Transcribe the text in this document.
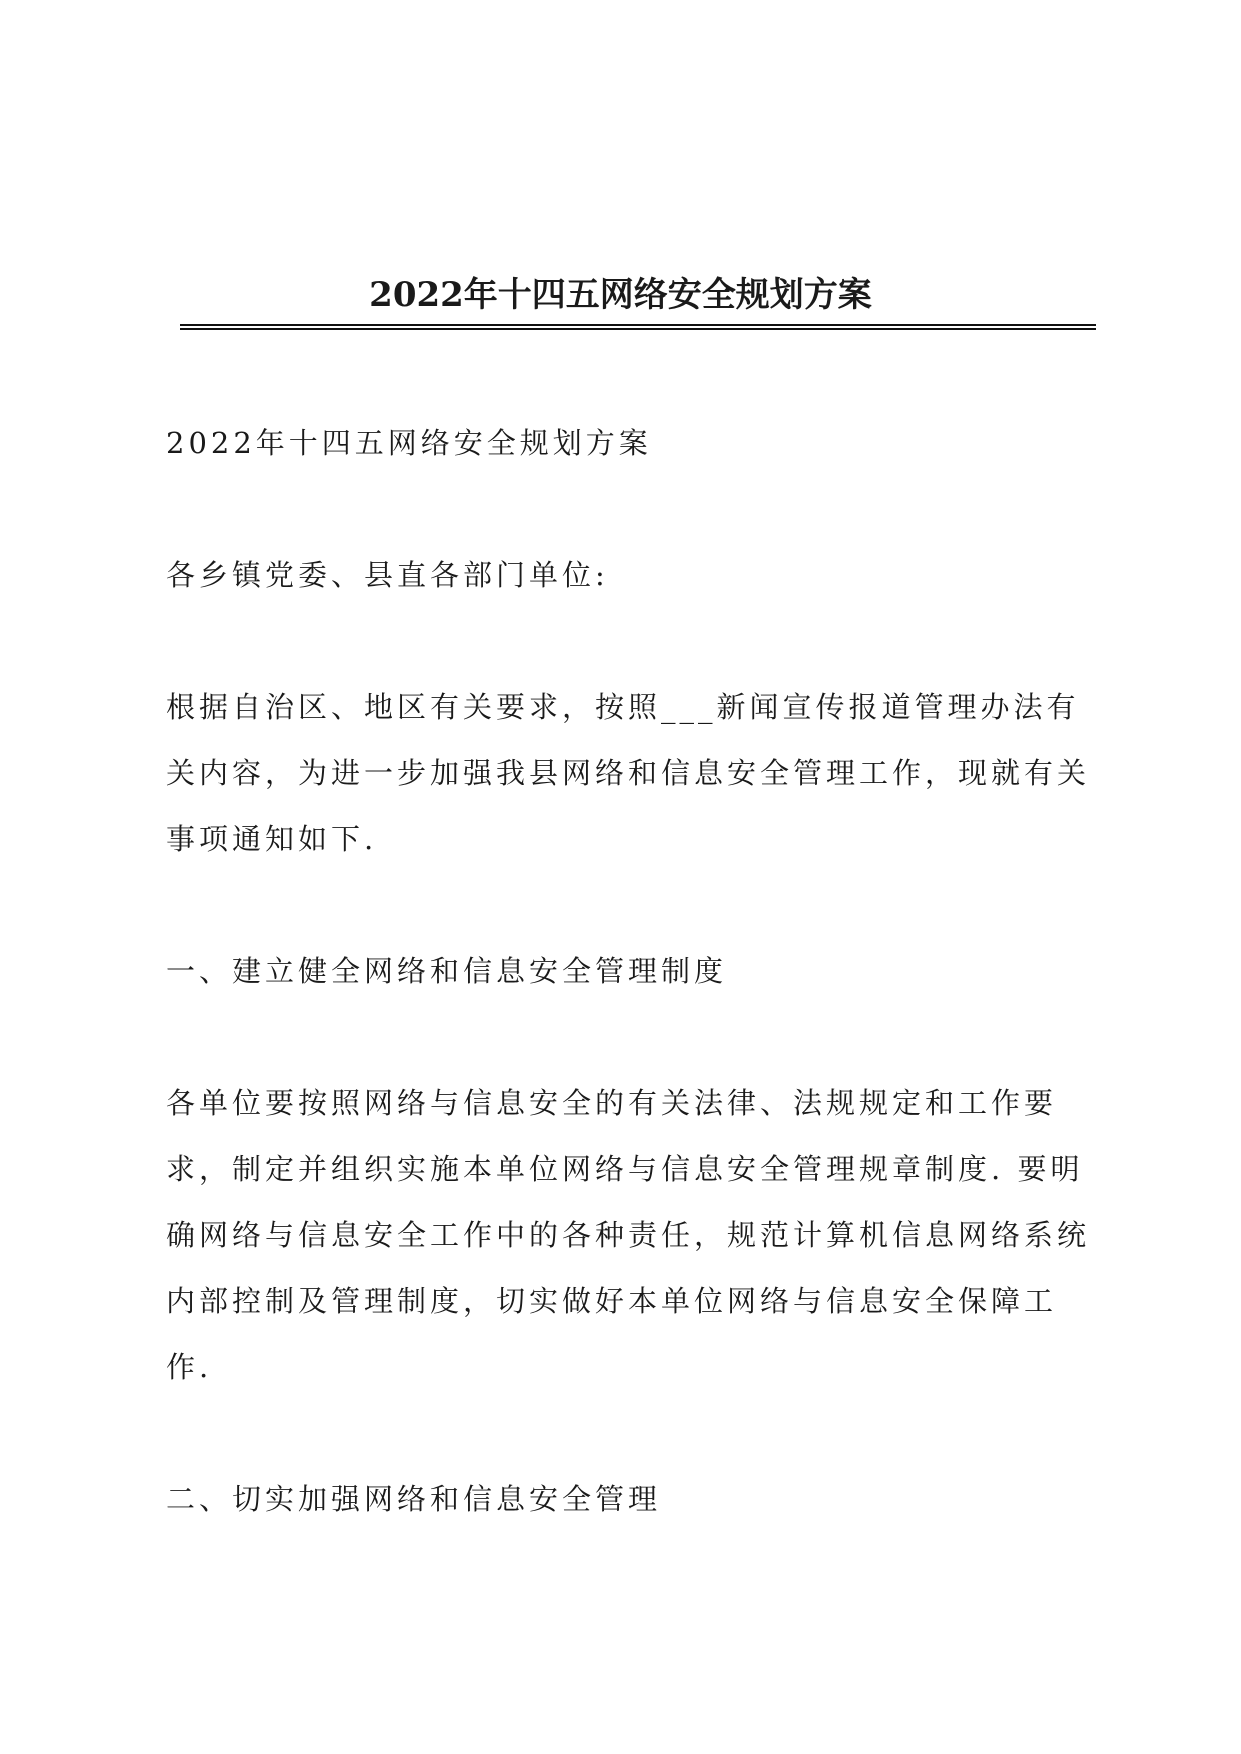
2022年十四五网络安全规划方案

2022年十四五网络安全规划方案

各乡镇党委、县直各部门单位:

根据自治区、地区有关要求，按照___新闻宣传报道管理办法有关内容，为进一步加强我县网络和信息安全管理工作，现就有关事项通知如下.

一、建立健全网络和信息安全管理制度

各单位要按照网络与信息安全的有关法律、法规规定和工作要求，制定并组织实施本单位网络与信息安全管理规章制度. 要明确网络与信息安全工作中的各种责任，规范计算机信息网络系统内部控制及管理制度，切实做好本单位网络与信息安全保障工作.

二、切实加强网络和信息安全管理
